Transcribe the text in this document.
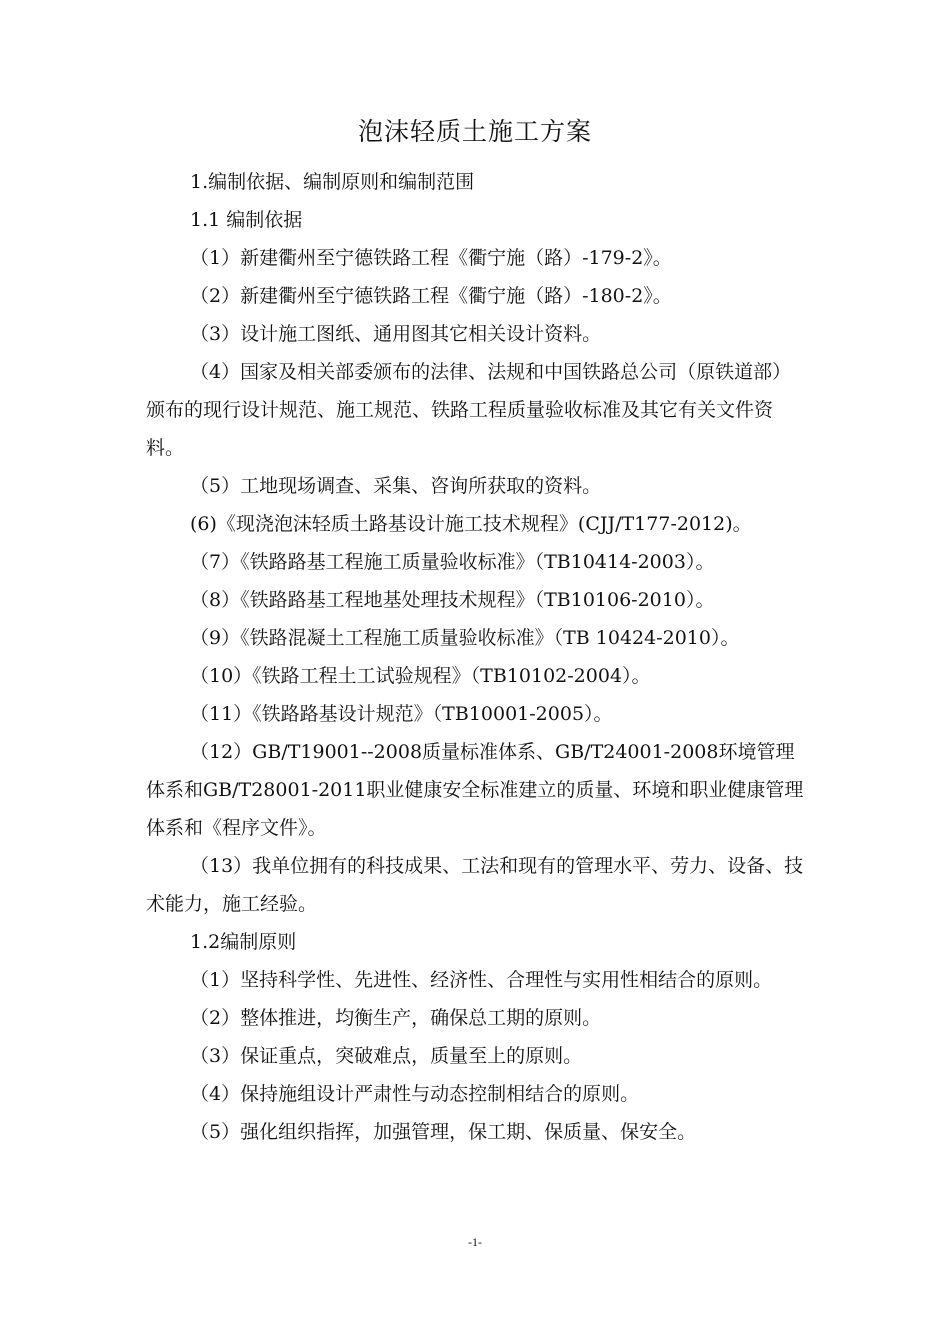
泡沫轻质土施工方案

1.编制依据、编制原则和编制范围

1.1 编制依据

（1）新建衢州至宁德铁路工程《衢宁施（路）-179-2》。

（2）新建衢州至宁德铁路工程《衢宁施（路）-180-2》。

（3）设计施工图纸、通用图其它相关设计资料。

（4）国家及相关部委颁布的法律、法规和中国铁路总公司（原铁道部）颁布的现行设计规范、施工规范、铁路工程质量验收标准及其它有关文件资料。

（5）工地现场调查、采集、咨询所获取的资料。

(6)《现浇泡沫轻质土路基设计施工技术规程》(CJJ/T177-2012)。

（7）《铁路路基工程施工质量验收标准》（TB10414-2003）。

（8）《铁路路基工程地基处理技术规程》（TB10106-2010）。

（9）《铁路混凝土工程施工质量验收标准》（TB 10424-2010）。

（10）《铁路工程土工试验规程》（TB10102-2004）。

（11）《铁路路基设计规范》（TB10001-2005）。

（12）GB/T19001--2008质量标准体系、GB/T24001-2008环境管理体系和GB/T28001-2011职业健康安全标准建立的质量、环境和职业健康管理体系和《程序文件》。

（13）我单位拥有的科技成果、工法和现有的管理水平、劳力、设备、技术能力，施工经验。

1.2编制原则

（1）坚持科学性、先进性、经济性、合理性与实用性相结合的原则。

（2）整体推进，均衡生产，确保总工期的原则。

（3）保证重点，突破难点，质量至上的原则。

（4）保持施组设计严肃性与动态控制相结合的原则。

（5）强化组织指挥，加强管理，保工期、保质量、保安全。

-1-
